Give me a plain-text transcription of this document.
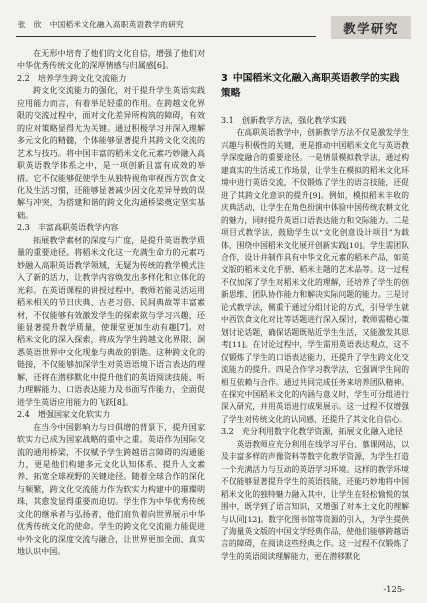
张　欣 中国稻米文化融入高职英语教学的研究	教学研究

在无形中培育了他们的文化自信，增强了他们对中华优秀传统文化的深厚情感与归属感[6]。

2.2　培养学生跨文化交流能力

跨文化交流能力的强化，对于提升学生英语实践应用能力而言，有着举足轻重的作用。在跨越文化界限的交流过程中，面对文化差异所构筑的障碍，有效的应对策略显得尤为关键。通过积极学习并深入理解多元文化的精髓，个体能够显著提升其跨文化交流的艺术与技巧。将中国丰富的稻米文化元素巧妙融入高职英语教学体系之中，是一项创新且富有成效的举措。它不仅能够促使学生从独特视角审视西方饮食文化及生活习惯，还能够显著减少因文化差异导致的误解与冲突，为搭建和谐的跨文化沟通桥梁奠定坚实基础。

2.3　丰富高职英语教学内容

拓展教学素材的深度与广度，是提升英语教学质量的重要途径。将稻米文化这一充满生命力的元素巧妙融入高职英语教学领域，无疑为传统的教学模式注入了新的活力，让教学内容焕发出多样化和立体化的光彩。在英语课程的讲授过程中，教师若能灵活运用稻米相关的节日庆典、古老习俗、民间典故等丰富素材，不仅能够有效激发学生的探索欲与学习兴趣，还能显著提升教学质量，使课堂更加生动有趣[7]。对稻米文化的深入探索，将成为学生跨越文化界限、洞悉英语世界中文化现象与典故的钥匙。这种跨文化的链接，不仅能够加深学生对英语语境下语言表达的理解，还将在潜移默化中提升他们的英语阅读技能、听力理解能力、口语表达能力及书面写作能力，全面促进学生英语应用能力的飞跃[8]。

2.4　增强国家文化软实力

在当今中国影响力与日俱增的背景下，提升国家软实力已成为国家战略的重中之重。英语作为国际交流的通用桥梁，不仅赋予学生跨越语言障碍的沟通能力，更是他们构建多元文化认知体系、提升人文素养、拓宽全球视野的关键途径。随着全球合作的深化与频繁，跨文化交流能力作为软实力构建中的璀璨明珠，其愈发显得重要而迫切。学生作为中华优秀传统文化的继承者与弘扬者，他们肩负着向世界展示中华优秀传统文化的使命。学生的跨文化交流能力能促进中外文化的深度交流与融合，让世界更加全面、真实地认识中国。

3 中国稻米文化融入高职英语教学的实践策略
3.1　创新教学方法，强化教学实践

在高职英语教学中，创新教学方法不仅是激发学生兴趣与积极性的关键，更是推动中国稻米文化与英语教学深度融合的重要途径。一是情景模拟教学法，通过构建真实的生活或工作场景，让学生在模拟的稻米文化环境中进行英语交流，不仅锻炼了学生的语言技能，还促进了其跨文化意识的提升[9]。例如，模拟稻米丰收的庆典活动，让学生在角色扮演中体验中国传统农耕文化的魅力，同时提升英语口语表达能力和交际能力。二是项目式教学法，鼓励学生以“文化创意设计项目”为载体，围绕中国稻米文化展开创新实践[10]。学生需团队合作，设计并制作具有中华文化元素的稻米产品，如英文版的稻米文化手册、稻米主题的艺术品等。这一过程不仅加深了学生对稻米文化的理解，还培养了学生的创新思维、团队协作能力和解决实际问题的能力。三是讨论式教学法，侧重于通过分组讨论的方式，引导学生就中西饮食文化对比等话题进行深入探讨，教师需精心策划讨论话题，确保话题既贴近学生生活，又能激发其思考[11]。在讨论过程中，学生需用英语表达观点，这不仅锻炼了学生的口语表达能力，还提升了学生跨文化交流能力的提升。四是合作学习教学法，它强调学生间的相互依赖与合作。通过共同完成任务来培养团队精神。在探究中国稻米文化的内涵与意义时，学生可分组进行深入研究，并用英语进行成果展示。这一过程不仅增强了学生对传统文化的认同感，还提升了其文化自信心。

3.2　充分利用数字化教学资源，拓展文化融入途径

英语教师应充分利用在线学习平台、慕课网站，以及丰富多样的声像资料等数字化教学资源，为学生打造一个充满活力与互动的英语学习环境。这样的教学环境不仅能够显著提升学生的英语技能，还能巧妙地将中国稻米文化的独特魅力融入其中，让学生在轻松愉悦的氛围中，既学到了语言知识，又增强了对本土文化的理解与认同[12]。数字化图书馆等资源的引入，为学生提供了海量英文版的中国文学经典作品，使他们能够跨越语言的障碍，在阅读这些经典之作。这一过程不仅锻炼了学生的英语阅读理解能力，更在潜移默化

-125-
